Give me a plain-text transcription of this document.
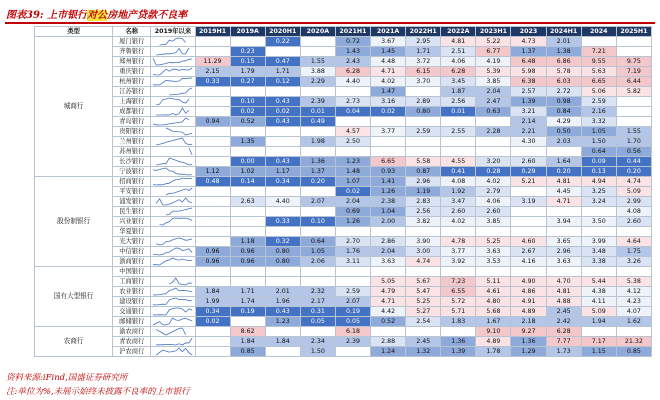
图表39: 上市银行对公房地产贷款不良率
类型	名称	2019年以来	2019H1	2019A	2020H1	2020A	2021H1	2021A	2022H1	2022A	2023H1	2023	2024H1	2024	2025H1
城商行	厦门银行				0.22		0.72	3.67	2.95	4.81	5.22	4.73	2.01		
	齐鲁银行			0.23			1.43	1.45	1.71	2.51	6.77	1.37	1.38	7.21	
	郑州银行		11.29	0.15	0.47	1.55	2.43	4.48	3.72	4.06	4.19	6.48	6.86	9.55	9.75
	重庆银行		2.15	1.79	1.71	3.88	6.28	4.71	6.15	6.28	5.39	5.98	5.78	5.63	7.19
	杭州银行		0.33	0.27	0.12	2.29	4.40	4.02	3.70	3.45	3.85	6.38	6.03	6.65	6.44
	江苏银行							1.47		1.87	2.04	2.57	2.72	5.06	5.82
	上海银行			0.10	0.43	2.39	2.73	3.16	2.89	2.56	2.47	1.39	0.98	2.59	
	成都银行			0.02	0.02	0.01	0.04	0.02	0.80	0.01	0.63	3.21	0.84	2.16	
	青岛银行		0.94	0.52	0.43	0.49						2.14	4.29	3.32	
	贵阳银行						4.57	3.77	2.59	2.55	2.28	2.21	0.50	1.05	1.55
	兰州银行			1.35		1.98	2.50					4.30	2.03	1.50	1.70
	苏州银行													0.64	0.56
	长沙银行			0.00	0.43	1.36	1.23	6.65	5.58	4.55	3.20	2.60	1.64	0.09	0.44
	宁波银行		1.12	1.02	1.17	1.37	1.48	0.93	0.87	0.41	0.28	0.29	0.20	0.13	0.20
股份制银行	招商银行		0.48	0.14	0.34	0.20	1.07	1.41	2.96	4.08	4.02	5.21	4.81	4.94	4.74
	平安银行						0.02	1.26	1.19	1.92	2.79		4.45	3.25	5.09
	浦发银行			2.63	4.40	2.07	2.04	2.38	2.83	3.47	4.06	3.19	4.71	3.24	2.99
	民生银行						0.69	1.04	2.56	2.60	2.60				4.08
	兴业银行				0.33	0.10	1.26	2.00	3.82	4.02	3.85		3.94	3.50	2.60
	华夏银行	

	光大银行			1.18	0.32	0.64	2.70	2.86	3.90	4.78	5.25	4.60	3.65	3.99	4.64
	中信银行		0.96	0.96	0.80	1.05	1.76	2.04	3.00	3.77	3.63	2.67	2.96	3.48	1.75
	浙商银行		0.96	0.96	0.80	2.06	3.11	3.63	4.74	3.92	3.53	4.16	3.63	3.38	3.26
国有大型银行	中国银行	

	工商银行							5.05	5.67	7.23	5.11	4.90	4.70	5.44	5.38
	农业银行		1.84	1.71	2.01	2.32	2.59	4.79	5.47	6.55	4.61	4.86	4.81	4.38	4.12
	建设银行		1.99	1.74	1.96	2.17	2.07	4.71	5.25	5.72	4.80	4.91	4.88	4.11	4.23
	交通银行		0.34	0.19	0.43	0.31	0.19	4.42	5.27	5.71	5.68	4.89	2.45	5.09	4.07
	邮储银行		0.02		1.23	0.05	0.05	0.52	2.54	1.83	1.67	2.18	2.42	1.94	1.62
农商行	渝农商行			8.62			6.18				9.10	9.27	6.28		
	青农商行			1.84	1.84	2.34	2.39	2.88	2.45	1.36	4.89	1.36	7.77	7.17	21.32
	沪农商行			0.85		1.50		1.24	1.32	1.39	1.78	1.29	1.73	1.15	0.85
资料来源:iFind,国盛证券研究所
注:单位为%,未展示始终未披露不良率的上市银行
